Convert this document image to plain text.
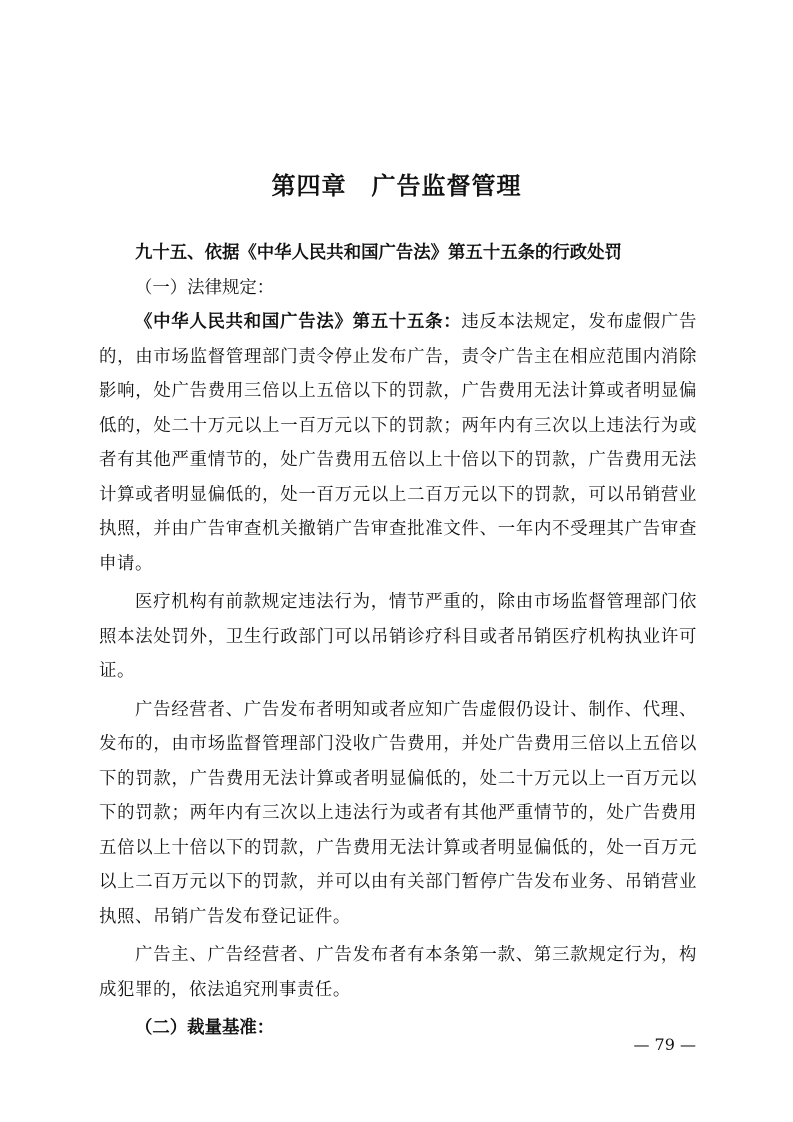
第四章　广告监督管理

九十五、依据《中华人民共和国广告法》第五十五条的行政处罚

（一）法律规定：

《中华人民共和国广告法》第五十五条：违反本法规定，发布虚假广告的，由市场监督管理部门责令停止发布广告，责令广告主在相应范围内消除影响，处广告费用三倍以上五倍以下的罚款，广告费用无法计算或者明显偏低的，处二十万元以上一百万元以下的罚款；两年内有三次以上违法行为或者有其他严重情节的，处广告费用五倍以上十倍以下的罚款，广告费用无法计算或者明显偏低的，处一百万元以上二百万元以下的罚款，可以吊销营业执照，并由广告审查机关撤销广告审查批准文件、一年内不受理其广告审查申请。

医疗机构有前款规定违法行为，情节严重的，除由市场监督管理部门依照本法处罚外，卫生行政部门可以吊销诊疗科目或者吊销医疗机构执业许可证。

广告经营者、广告发布者明知或者应知广告虚假仍设计、制作、代理、发布的，由市场监督管理部门没收广告费用，并处广告费用三倍以上五倍以下的罚款，广告费用无法计算或者明显偏低的，处二十万元以上一百万元以下的罚款；两年内有三次以上违法行为或者有其他严重情节的，处广告费用五倍以上十倍以下的罚款，广告费用无法计算或者明显偏低的，处一百万元以上二百万元以下的罚款，并可以由有关部门暂停广告发布业务、吊销营业执照、吊销广告发布登记证件。

广告主、广告经营者、广告发布者有本条第一款、第三款规定行为，构成犯罪的，依法追究刑事责任。

（二）裁量基准：

— 79 —
